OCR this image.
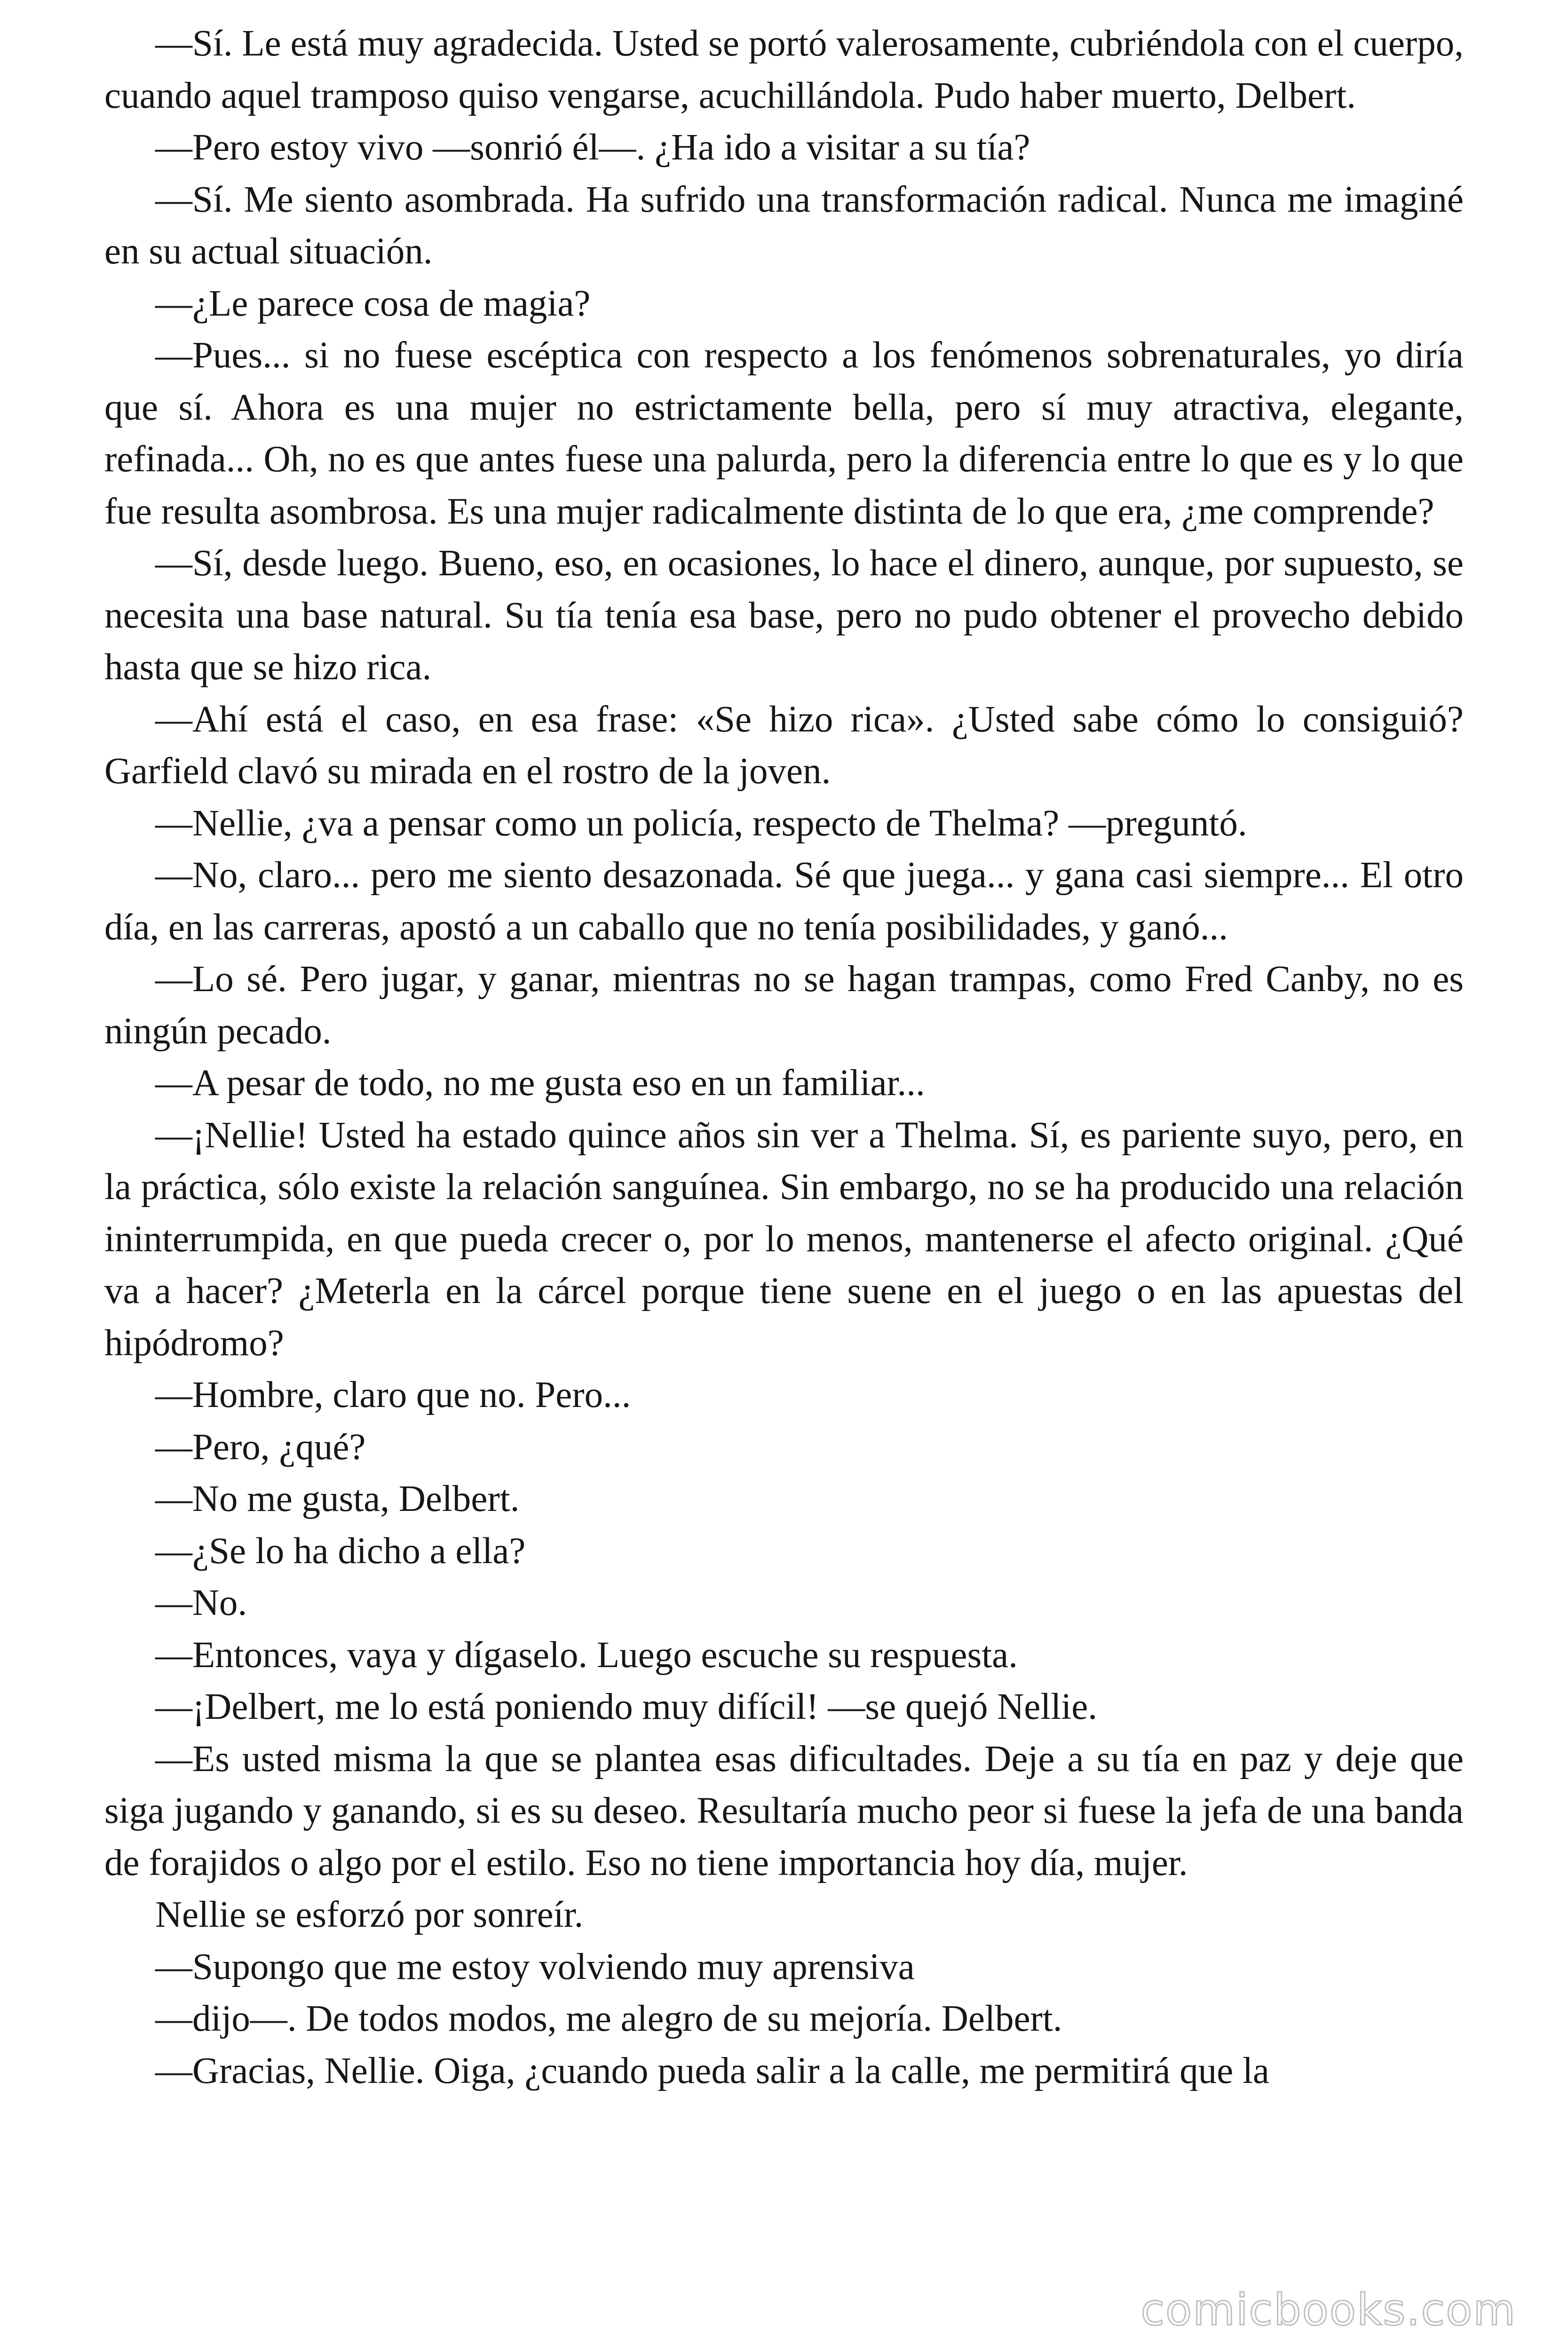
—Sí. Le está muy agradecida. Usted se portó valerosamente, cubriéndola con el cuerpo, cuando aquel tramposo quiso vengarse, acuchillándola. Pudo haber muerto, Delbert.

—Pero estoy vivo —sonrió él—. ¿Ha ido a visitar a su tía?

—Sí. Me siento asombrada. Ha sufrido una transformación radical. Nunca me imaginé en su actual situación.

—¿Le parece cosa de magia?

—Pues... si no fuese escéptica con respecto a los fenómenos sobrenaturales, yo diría que sí. Ahora es una mujer no estrictamente bella, pero sí muy atractiva, elegante, refinada... Oh, no es que antes fuese una palurda, pero la diferencia entre lo que es y lo que fue resulta asombrosa. Es una mujer radicalmente distinta de lo que era, ¿me comprende?

—Sí, desde luego. Bueno, eso, en ocasiones, lo hace el dinero, aunque, por supuesto, se necesita una base natural. Su tía tenía esa base, pero no pudo obtener el provecho debido hasta que se hizo rica.

—Ahí está el caso, en esa frase: «Se hizo rica». ¿Usted sabe cómo lo consiguió? Garfield clavó su mirada en el rostro de la joven.

—Nellie, ¿va a pensar como un policía, respecto de Thelma? —preguntó.

—No, claro... pero me siento desazonada. Sé que juega... y gana casi siempre... El otro día, en las carreras, apostó a un caballo que no tenía posibilidades, y ganó...

—Lo sé. Pero jugar, y ganar, mientras no se hagan trampas, como Fred Canby, no es ningún pecado.

—A pesar de todo, no me gusta eso en un familiar...

—¡Nellie! Usted ha estado quince años sin ver a Thelma. Sí, es pariente suyo, pero, en la práctica, sólo existe la relación sanguínea. Sin embargo, no se ha producido una relación ininterrumpida, en que pueda crecer o, por lo menos, mantenerse el afecto original. ¿Qué va a hacer? ¿Meterla en la cárcel porque tiene suene en el juego o en las apuestas del hipódromo?

—Hombre, claro que no. Pero...

—Pero, ¿qué?

—No me gusta, Delbert.

—¿Se lo ha dicho a ella?

—No.

—Entonces, vaya y dígaselo. Luego escuche su respuesta.

—¡Delbert, me lo está poniendo muy difícil! —se quejó Nellie.

—Es usted misma la que se plantea esas dificultades. Deje a su tía en paz y deje que siga jugando y ganando, si es su deseo. Resultaría mucho peor si fuese la jefa de una banda de forajidos o algo por el estilo. Eso no tiene importancia hoy día, mujer.

Nellie se esforzó por sonreír.

—Supongo que me estoy volviendo muy aprensiva

—dijo—. De todos modos, me alegro de su mejoría. Delbert.

—Gracias, Nellie. Oiga, ¿cuando pueda salir a la calle, me permitirá que la

comicbooks.com
